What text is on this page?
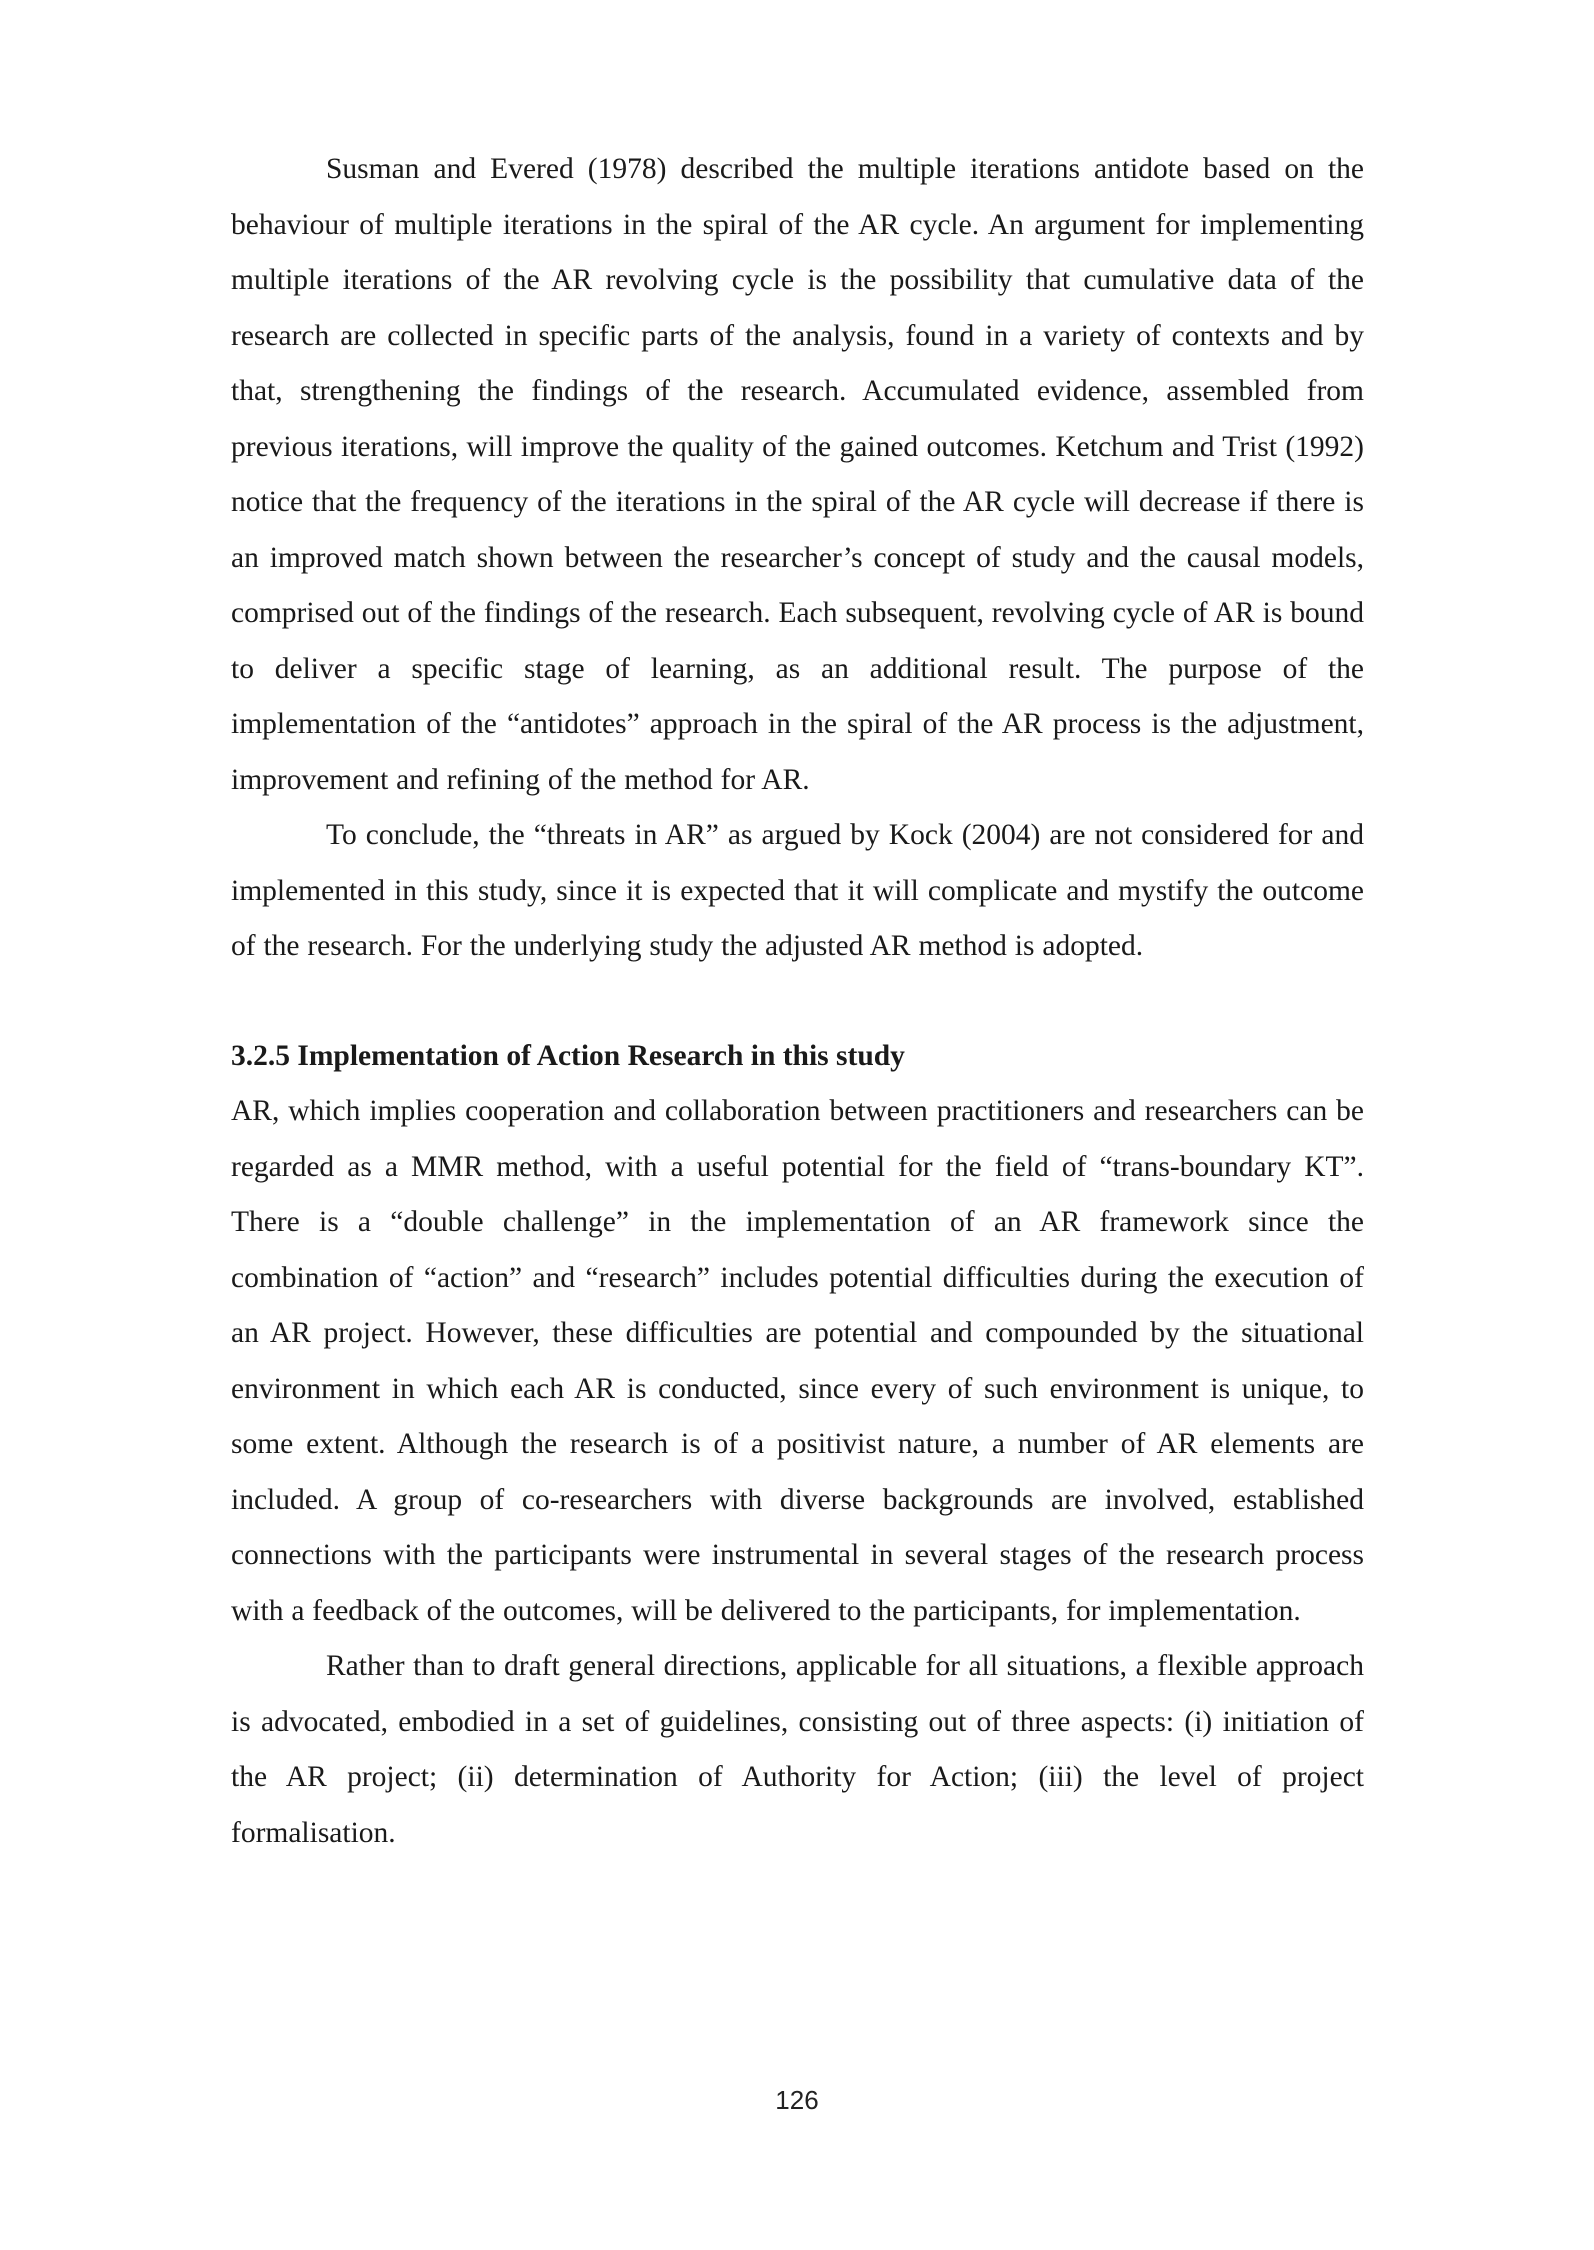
Susman and Evered (1978) described the multiple iterations antidote based on the behaviour of multiple iterations in the spiral of the AR cycle. An argument for implementing multiple iterations of the AR revolving cycle is the possibility that cumulative data of the research are collected in specific parts of the analysis, found in a variety of contexts and by that, strengthening the findings of the research. Accumulated evidence, assembled from previous iterations, will improve the quality of the gained outcomes. Ketchum and Trist (1992) notice that the frequency of the iterations in the spiral of the AR cycle will decrease if there is an improved match shown between the researcher’s concept of study and the causal models, comprised out of the findings of the research. Each subsequent, revolving cycle of AR is bound to deliver a specific stage of learning, as an additional result. The purpose of the implementation of the “antidotes” approach in the spiral of the AR process is the adjustment, improvement and refining of the method for AR.

To conclude, the “threats in AR” as argued by Kock (2004) are not considered for and implemented in this study, since it is expected that it will complicate and mystify the outcome of the research. For the underlying study the adjusted AR method is adopted.

3.2.5 Implementation of Action Research in this study

AR, which implies cooperation and collaboration between practitioners and researchers can be regarded as a MMR method, with a useful potential for the field of “trans-boundary KT”. There is a “double challenge” in the implementation of an AR framework since the combination of “action” and “research” includes potential difficulties during the execution of an AR project. However, these difficulties are potential and compounded by the situational environment in which each AR is conducted, since every of such environment is unique, to some extent. Although the research is of a positivist nature, a number of AR elements are included. A group of co-researchers with diverse backgrounds are involved, established connections with the participants were instrumental in several stages of the research process with a feedback of the outcomes, will be delivered to the participants, for implementation.

Rather than to draft general directions, applicable for all situations, a flexible approach is advocated, embodied in a set of guidelines, consisting out of three aspects: (i) initiation of the AR project; (ii) determination of Authority for Action; (iii) the level of project formalisation.

126
